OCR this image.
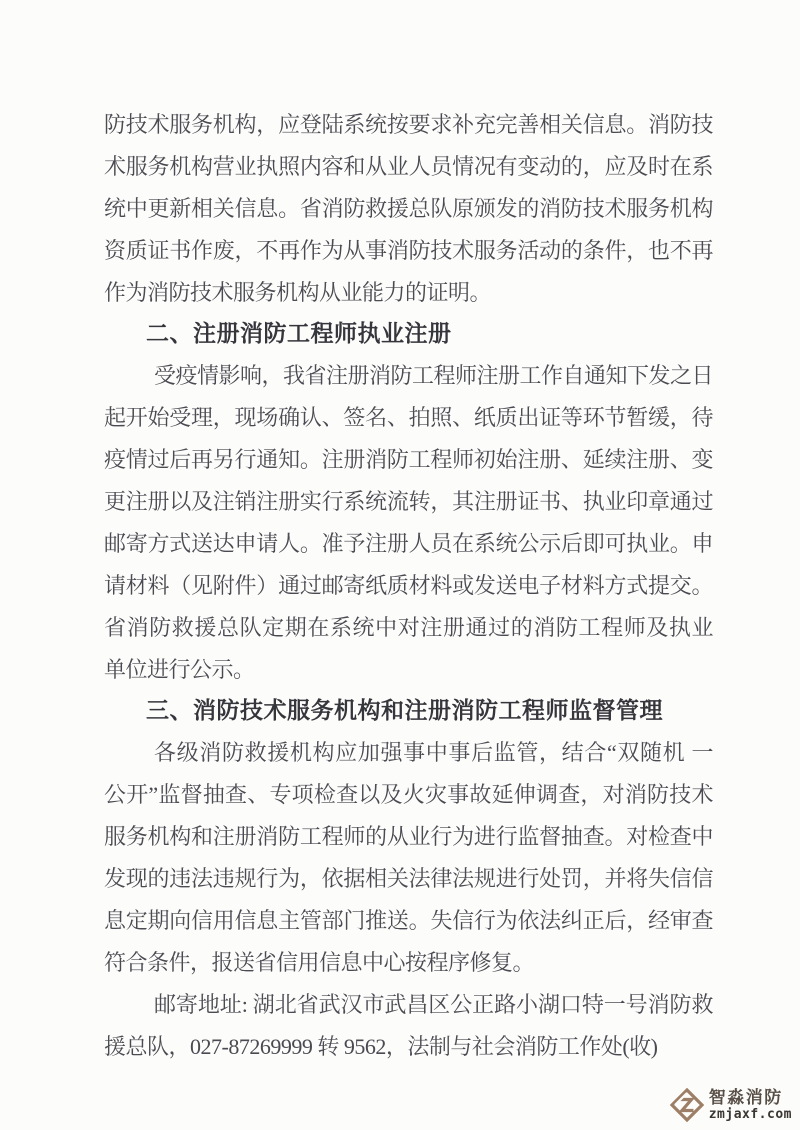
防技术服务机构，应登陆系统按要求补充完善相关信息。消防技
术服务机构营业执照内容和从业人员情况有变动的，应及时在系
统中更新相关信息。省消防救援总队原颁发的消防技术服务机构
资质证书作废，不再作为从事消防技术服务活动的条件，也不再
作为消防技术服务机构从业能力的证明。
二、注册消防工程师执业注册
受疫情影响，我省注册消防工程师注册工作自通知下发之日
起开始受理，现场确认、签名、拍照、纸质出证等环节暂缓，待
疫情过后再另行通知。注册消防工程师初始注册、延续注册、变
更注册以及注销注册实行系统流转，其注册证书、执业印章通过
邮寄方式送达申请人。准予注册人员在系统公示后即可执业。申
请材料（见附件）通过邮寄纸质材料或发送电子材料方式提交。
省消防救援总队定期在系统中对注册通过的消防工程师及执业
单位进行公示。
三、消防技术服务机构和注册消防工程师监督管理
各级消防救援机构应加强事中事后监管，结合“双随机 一
公开”监督抽查、专项检查以及火灾事故延伸调查，对消防技术
服务机构和注册消防工程师的从业行为进行监督抽查。对检查中
发现的违法违规行为，依据相关法律法规进行处罚，并将失信信
息定期向信用信息主管部门推送。失信行为依法纠正后，经审查
符合条件，报送省信用信息中心按程序修复。
邮寄地址: 湖北省武汉市武昌区公正路小湖口特一号消防救
援总队，027-87269999 转 9562，法制与社会消防工作处(收)
智淼消防
zmjaxf.com
